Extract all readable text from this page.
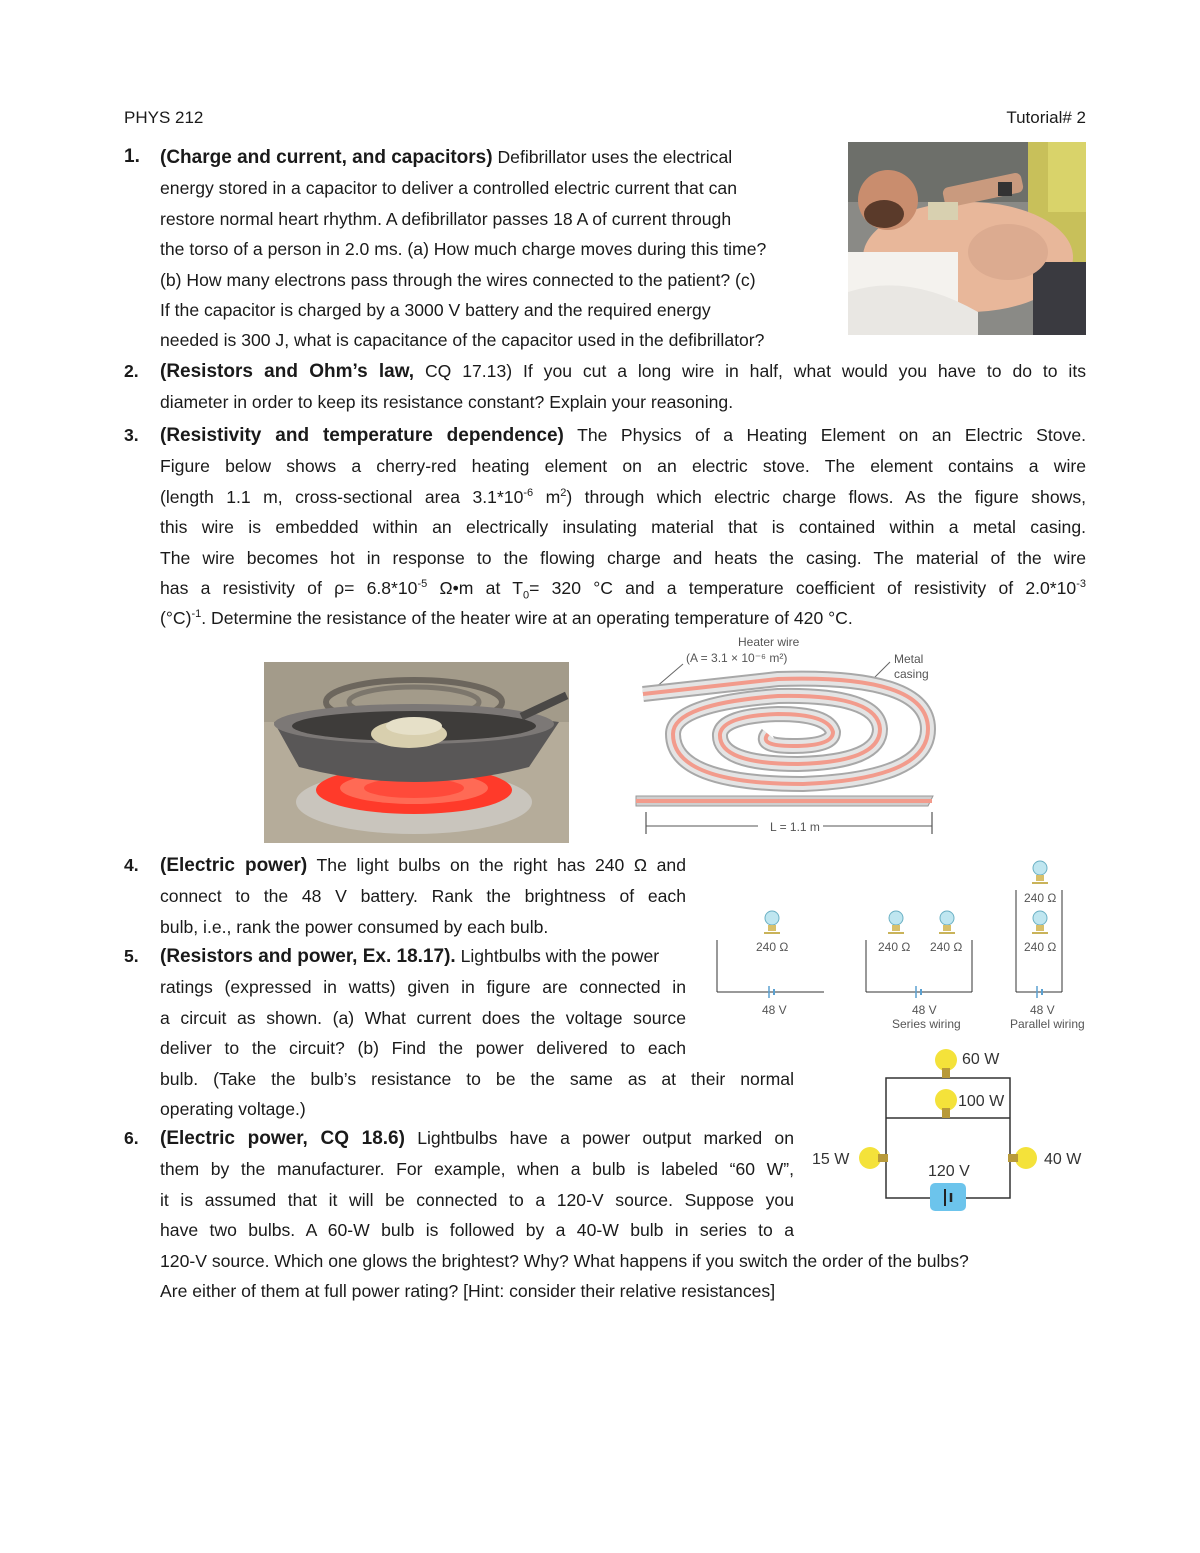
PHYS 212	Tutorial# 2
1. (Charge and current, and capacitors) Defibrillator uses the electrical
energy stored in a capacitor to deliver a controlled electric current that can
restore normal heart rhythm. A defibrillator passes 18 A of current through
the torso of a person in 2.0 ms. (a) How much charge moves during this time?
(b) How many electrons pass through the wires connected to the patient? (c)
If the capacitor is charged by a 3000 V battery and the required energy
needed is 300 J, what is capacitance of the capacitor used in the defibrillator?
2. (Resistors and Ohm’s law, CQ 17.13) If you cut a long wire in half, what would you have to do to its
diameter in order to keep its resistance constant? Explain your reasoning.
3. (Resistivity and temperature dependence) The Physics of a Heating Element on an Electric Stove.
Figure below shows a cherry-red heating element on an electric stove. The element contains a wire
(length 1.1 m, cross-sectional area $3.1*10^{-6}$ $m^2$) through which electric charge flows. As the figure shows,
this wire is embedded within an electrically insulating material that is contained within a metal casing.
The wire becomes hot in response to the flowing charge and heats the casing. The material of the wire
has a resistivity of $\rho= 6.8*10^{-5}$ Ω•m at $T_0= 320$ °C and a temperature coefficient of resistivity of $2.0*10^{-3}$
$(^\circ C)^{-1}$. Determine the resistance of the heater wire at an operating temperature of 420 °C.
Heater wire
(A = 3.1 × 10⁻⁶ m²)	Metal
casing
L = 1.1 m
4. (Electric power) The light bulbs on the right has 240 Ω and
connect to the 48 V battery. Rank the brightness of each
bulb, i.e., rank the power consumed by each bulb.
5. (Resistors and power, Ex. 18.17). Lightbulbs with the power
ratings (expressed in watts) given in figure are connected in
a circuit as shown. (a) What current does the voltage source
deliver to the circuit? (b) Find the power delivered to each
bulb. (Take the bulb’s resistance to be the same as at their normal
operating voltage.)
6. (Electric power, CQ 18.6) Lightbulbs have a power output marked on
them by the manufacturer. For example, when a bulb is labeled “60 W”,
it is assumed that it will be connected to a 120-V source. Suppose you
have two bulbs. A 60-W bulb is followed by a 40-W bulb in series to a
120-V source. Which one glows the brightest? Why? What happens if you switch the order of the bulbs?
Are either of them at full power rating? [Hint: consider their relative resistances]
240 Ω
48 V
240 Ω 240 Ω
48 V
Series wiring
240 Ω
240 Ω
48 V
Parallel wiring
60 W
100 W
15 W	40 W
120 V
